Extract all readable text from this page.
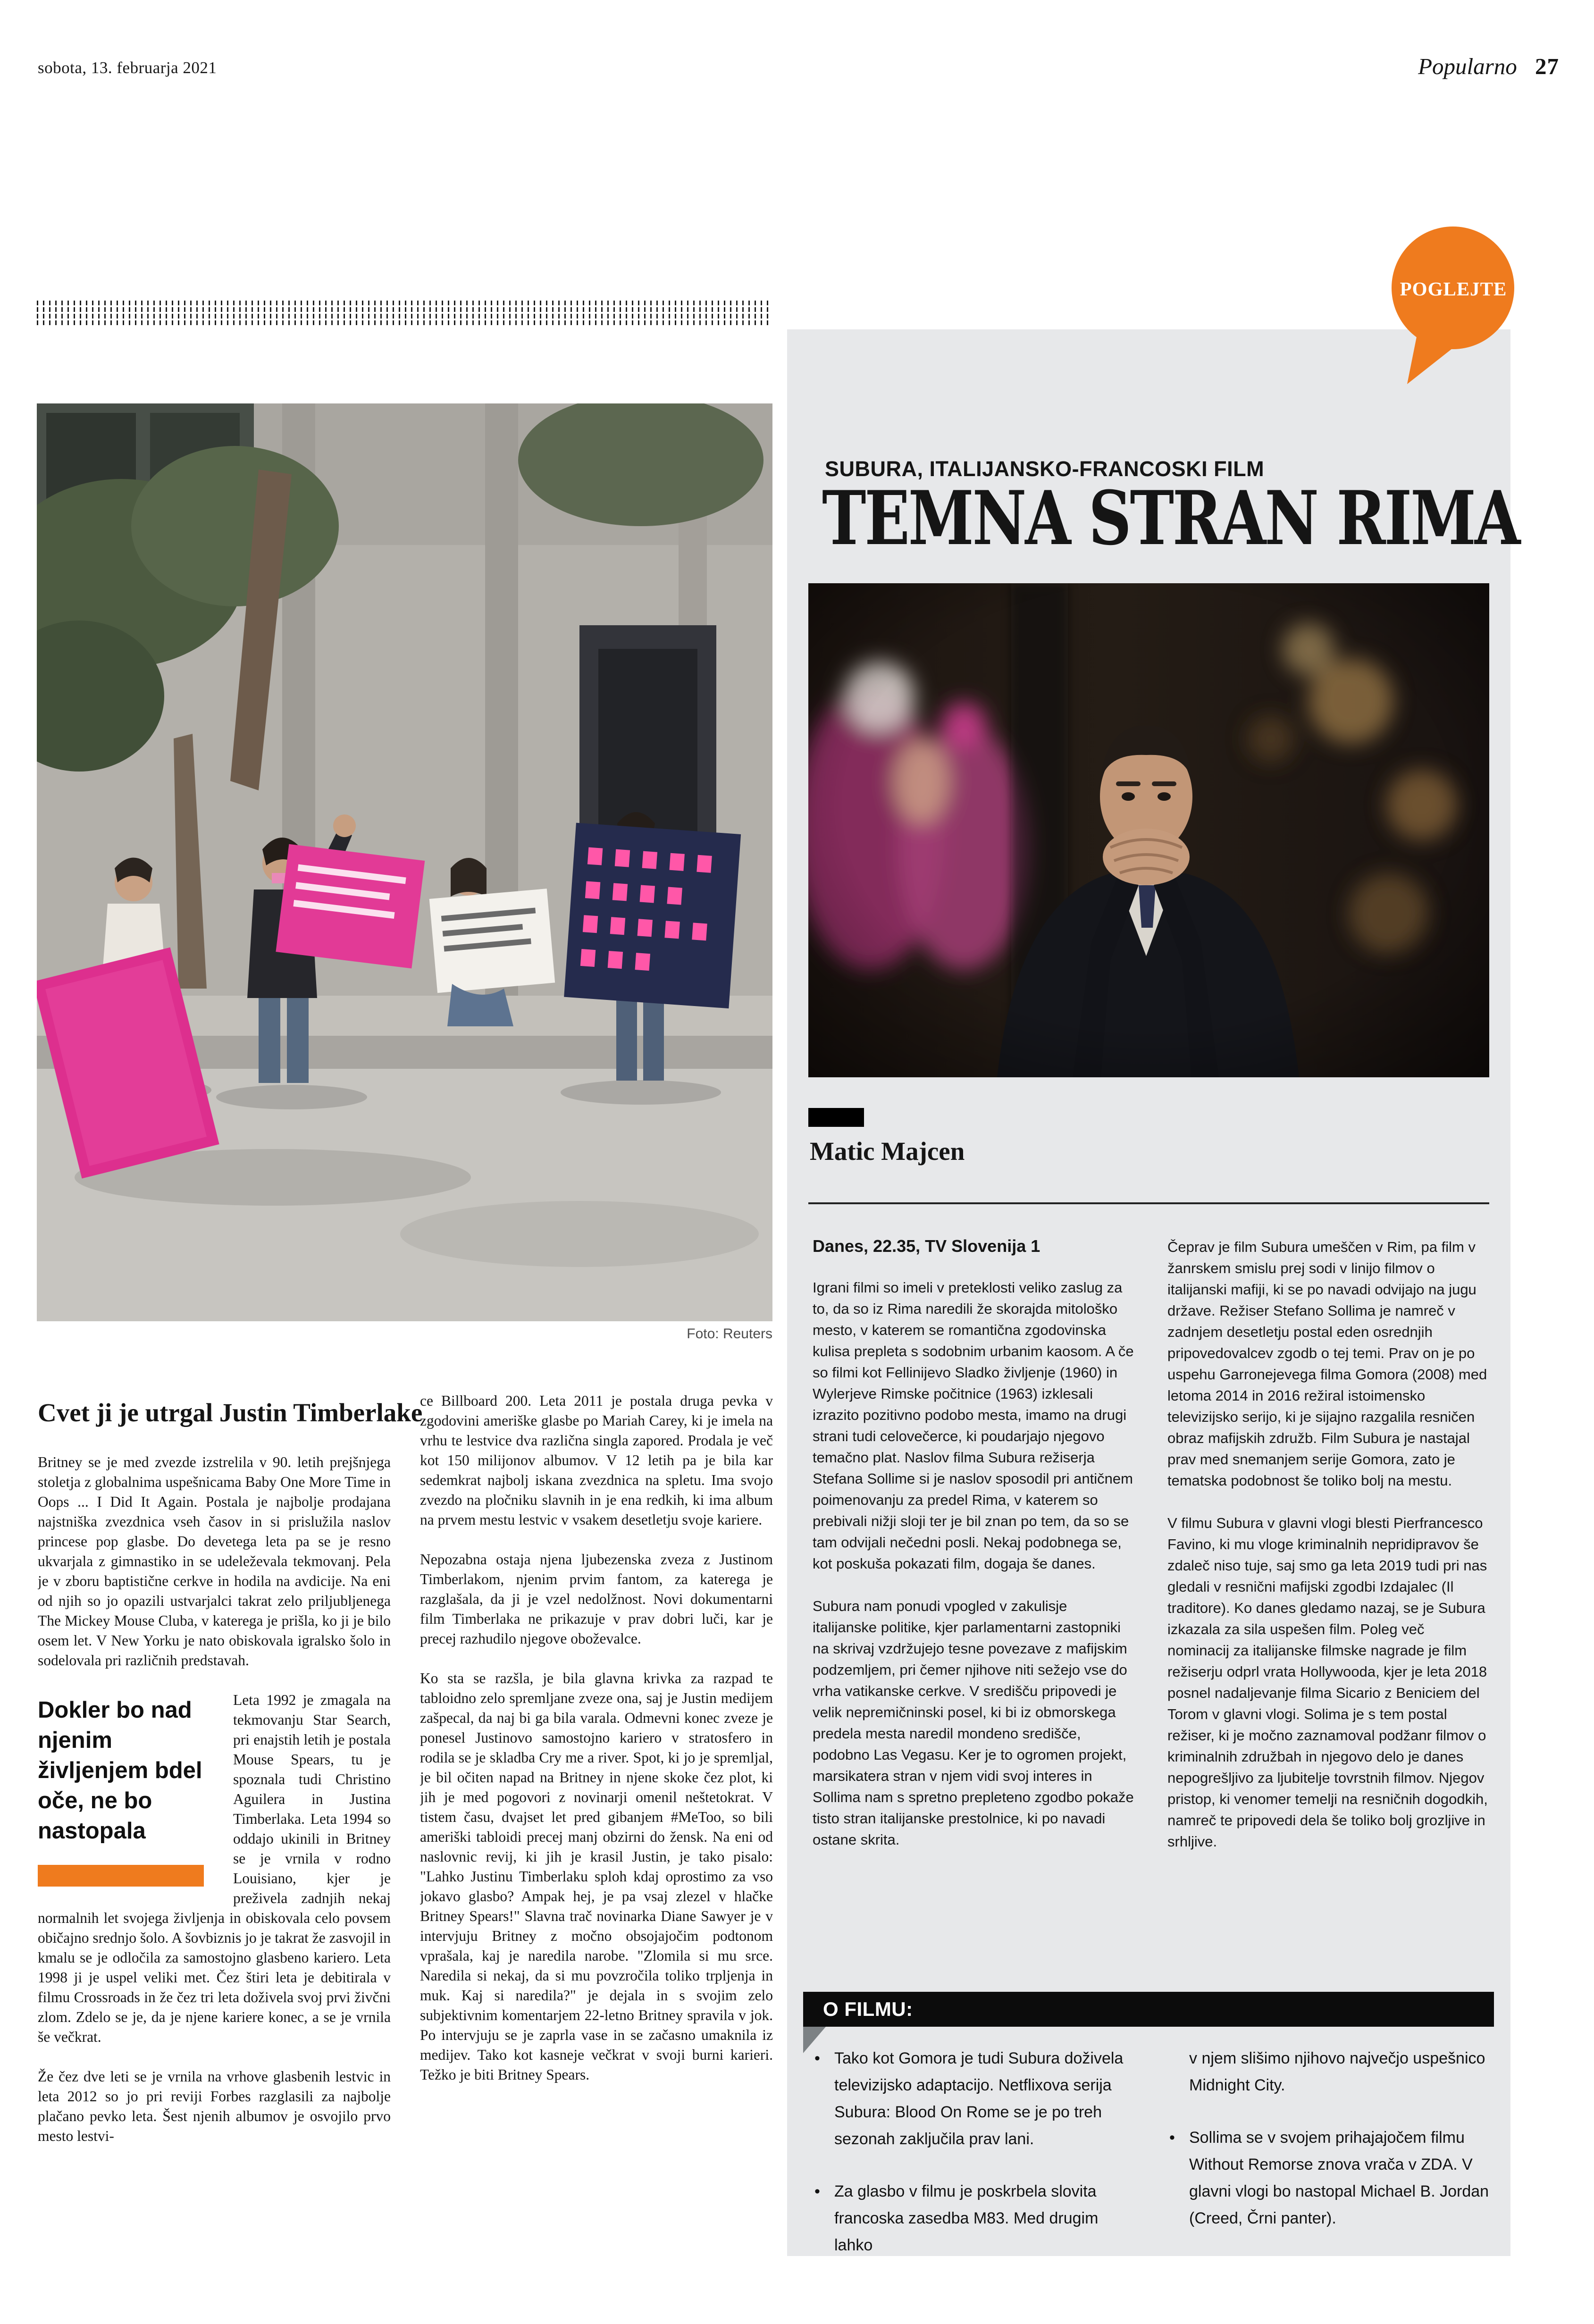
sobota, 13. februarja 2021	Popularno 27
POGLEJTE
Foto: Reuters
SUBURA, ITALIJANSKO-FRANCOSKI FILM
TEMNA STRAN RIMA
Matic Majcen

Danes, 22.35, TV Slovenija 1

Igrani filmi so imeli v preteklosti veliko zaslug za to, da so iz Rima naredili že skorajda mitološko mesto, v katerem se romantična zgodovinska kulisa prepleta s sodobnim urbanim kaosom. A če so filmi kot Fellinijevo Sladko življenje (1960) in Wylerjeve Rimske počitnice (1963) izklesali izrazito pozitivno podobo mesta, imamo na drugi strani tudi celovečerce, ki poudarjajo njegovo temačno plat. Naslov filma Subura režiserja Stefana Sollime si je naslov sposodil pri antičnem poimenovanju za predel Rima, v katerem so prebivali nižji sloji ter je bil znan po tem, da so se tam odvijali nečedni posli. Nekaj podobnega se, kot poskuša pokazati film, dogaja še danes.

Subura nam ponudi vpogled v zakulisje italijanske politike, kjer parlamentarni zastopniki na skrivaj vzdržujejo tesne povezave z mafijskim podzemljem, pri čemer njihove niti sežejo vse do vrha vatikanske cerkve. V središču pripovedi je velik nepremičninski posel, ki bi iz obmorskega predela mesta naredil mondeno središče, podobno Las Vegasu. Ker je to ogromen projekt, marsikatera stran v njem vidi svoj interes in Sollima nam s spretno prepleteno zgodbo pokaže tisto stran italijanske prestolnice, ki po navadi ostane skrita.

Čeprav je film Subura umeščen v Rim, pa film v žanrskem smislu prej sodi v linijo filmov o italijanski mafiji, ki se po navadi odvijajo na jugu države. Režiser Stefano Sollima je namreč v zadnjem desetletju postal eden osrednjih pripovedovalcev zgodb o tej temi. Prav on je po uspehu Garronejevega filma Gomora (2008) med letoma 2014 in 2016 režiral istoimensko televizijsko serijo, ki je sijajno razgalila resničen obraz mafijskih združb. Film Subura je nastajal prav med snemanjem serije Gomora, zato je tematska podobnost še toliko bolj na mestu.

V filmu Subura v glavni vlogi blesti Pierfrancesco Favino, ki mu vloge kriminalnih nepridipravov še zdaleč niso tuje, saj smo ga leta 2019 tudi pri nas gledali v resnični mafijski zgodbi Izdajalec (Il traditore). Ko danes gledamo nazaj, se je Subura izkazala za sila uspešen film. Poleg več nominacij za italijanske filmske nagrade je film režiserju odprl vrata Hollywooda, kjer je leta 2018 posnel nadaljevanje filma Sicario z Beniciem del Torom v glavni vlogi. Solima je s tem postal režiser, ki je močno zaznamoval podžanr filmov o kriminalnih združbah in njegovo delo je danes nepogrešljivo za ljubitelje tovrstnih filmov. Njegov pristop, ki venomer temelji na resničnih dogodkih, namreč te pripovedi dela še toliko bolj grozljive in srhljive.

O FILMU:
• Tako kot Gomora je tudi Subura doživela televizijsko adaptacijo. Netflixova serija Subura: Blood On Rome se je po treh sezonah zaključila prav lani.
• Za glasbo v filmu je poskrbela slovita francoska zasedba M83. Med drugim lahko
v njem slišimo njihovo največjo uspešnico Midnight City.
• Sollima se v svojem prihajajočem filmu Without Remorse znova vrača v ZDA. V glavni vlogi bo nastopal Michael B. Jordan (Creed, Črni panter).
Cvet ji je utrgal Justin Timberlake

Britney se je med zvezde izstrelila v 90. letih prejšnjega stoletja z globalnima uspešnicama Baby One More Time in Oops ... I Did It Again. Postala je najbolje prodajana najstniška zvezdnica vseh časov in si prislužila naslov princese pop glasbe. Do devetega leta pa se je resno ukvarjala z gimnastiko in se udeleževala tekmovanj. Pela je v zboru baptistične cerkve in hodila na avdicije. Na eni od njih so jo opazili ustvarjalci takrat zelo priljubljenega The Mickey Mouse Cluba, v katerega je prišla, ko ji je bilo osem let. V New Yorku je nato obiskovala igralsko šolo in sodelovala pri različnih predstavah.

Dokler bo nad njenim življenjem bdel oče, ne bo nastopala
Leta 1992 je zmagala na tekmovanju Star Search, pri enajstih letih je postala Mouse Spears, tu je spoznala tudi Christino Aguilera in Justina Timberlaka. Leta 1994 so oddajo ukinili in Britney se je vrnila v rodno Louisiano, kjer je preživela zadnjih nekaj normalnih let svojega življenja in obiskovala celo povsem običajno srednjo šolo. A šovbiznis jo je takrat že zasvojil in kmalu se je odločila za samostojno glasbeno kariero. Leta 1998 ji je uspel veliki met. Čez štiri leta je debitirala v filmu Crossroads in že čez tri leta doživela svoj prvi živčni zlom. Zdelo se je, da je njene kariere konec, a se je vrnila še večkrat.

Že čez dve leti se je vrnila na vrhove glasbenih lestvic in leta 2012 so jo pri reviji Forbes razglasili za najbolje plačano pevko leta. Šest njenih albumov je osvojilo prvo mesto lestvi-

ce Billboard 200. Leta 2011 je postala druga pevka v zgodovini ameriške glasbe po Mariah Carey, ki je imela na vrhu te lestvice dva različna singla zapored. Prodala je več kot 150 milijonov albumov. V 12 letih pa je bila kar sedemkrat najbolj iskana zvezdnica na spletu. Ima svojo zvezdo na pločniku slavnih in je ena redkih, ki ima album na prvem mestu lestvic v vsakem desetletju svoje kariere.

Nepozabna ostaja njena ljubezenska zveza z Justinom Timberlakom, njenim prvim fantom, za katerega je razglašala, da ji je vzel nedolžnost. Novi dokumentarni film Timberlaka ne prikazuje v prav dobri luči, kar je precej razhudilo njegove oboževalce.

Ko sta se razšla, je bila glavna krivka za razpad te tabloidno zelo spremljane zveze ona, saj je Justin medijem zašpecal, da naj bi ga bila varala. Odmevni konec zveze je ponesel Justinovo samostojno kariero v stratosfero in rodila se je skladba Cry me a river. Spot, ki jo je spremljal, je bil očiten napad na Britney in njene skoke čez plot, ki jih je med pogovori z novinarji omenil neštetokrat. V tistem času, dvajset let pred gibanjem #MeToo, so bili ameriški tabloidi precej manj obzirni do žensk. Na eni od naslovnic revij, ki jih je krasil Justin, je tako pisalo: "Lahko Justinu Timberlaku sploh kdaj oprostimo za vso jokavo glasbo? Ampak hej, je pa vsaj zlezel v hlačke Britney Spears!" Slavna trač novinarka Diane Sawyer je v intervjuju Britney z močno obsojajočim podtonom vprašala, kaj je naredila narobe. "Zlomila si mu srce. Naredila si nekaj, da si mu povzročila toliko trpljenja in muk. Kaj si naredila?" je dejala in s svojim zelo subjektivnim komentarjem 22-letno Britney spravila v jok. Po intervjuju se je zaprla vase in se začasno umaknila iz medijev. Tako kot kasneje večkrat v svoji burni karieri. Težko je biti Britney Spears.
